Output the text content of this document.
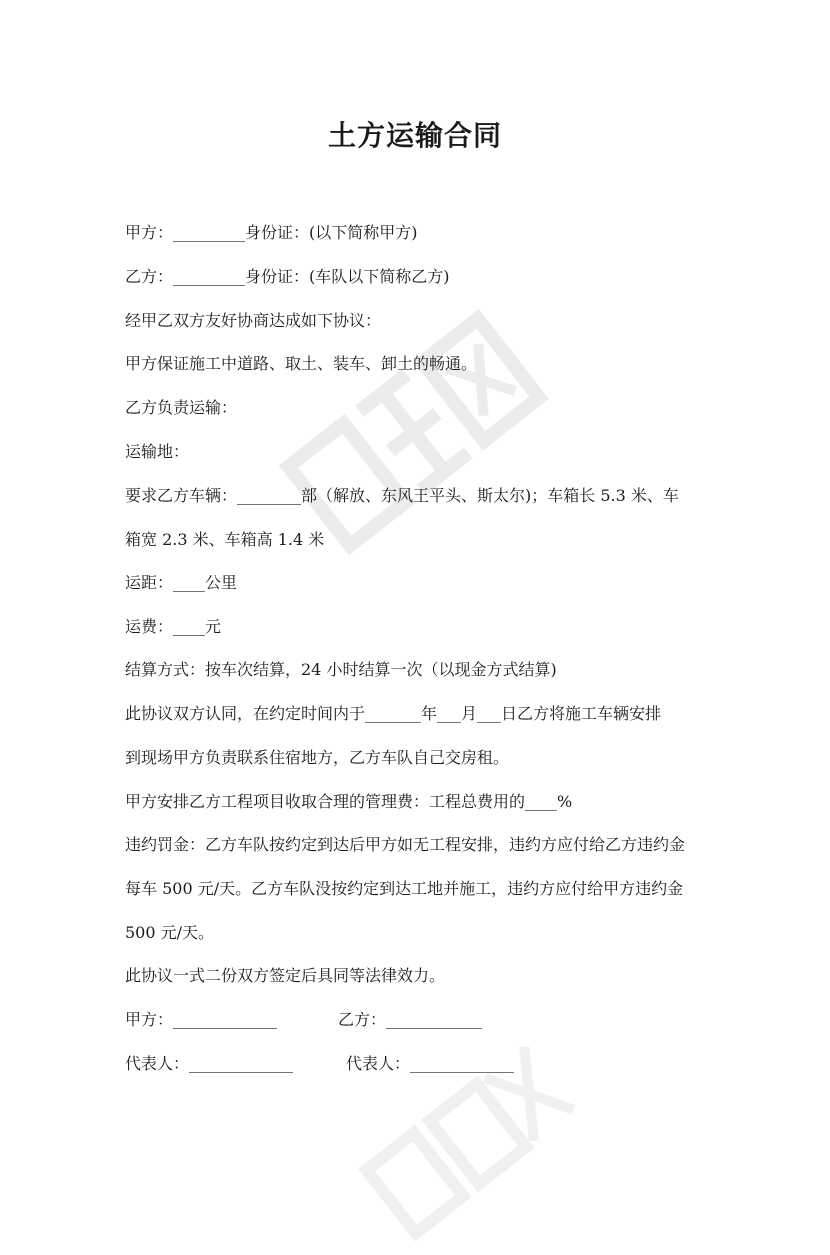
土方运输合同
甲方：_________身份证：(以下简称甲方)
乙方：_________身份证：(车队以下简称乙方)
经甲乙双方友好协商达成如下协议：
甲方保证施工中道路、取土、装车、卸土的畅通。
乙方负责运输：
运输地：
要求乙方车辆：________部（解放、东风王平头、斯太尔)；车箱长 5.3 米、车
箱宽 2.3 米、车箱高 1.4 米
运距：____公里
运费：____元
结算方式：按车次结算，24 小时结算一次（以现金方式结算)
此协议双方认同，在约定时间内于_______年___月___日乙方将施工车辆安排
到现场甲方负责联系住宿地方，乙方车队自己交房租。
甲方安排乙方工程项目收取合理的管理费：工程总费用的____%
违约罚金：乙方车队按约定到达后甲方如无工程安排，违约方应付给乙方违约金
每车 500 元/天。乙方车队没按约定到达工地并施工，违约方应付给甲方违约金
500 元/天。
此协议一式二份双方签定后具同等法律效力。
甲方：_____________	乙方：____________
代表人：_____________	代表人：_____________
